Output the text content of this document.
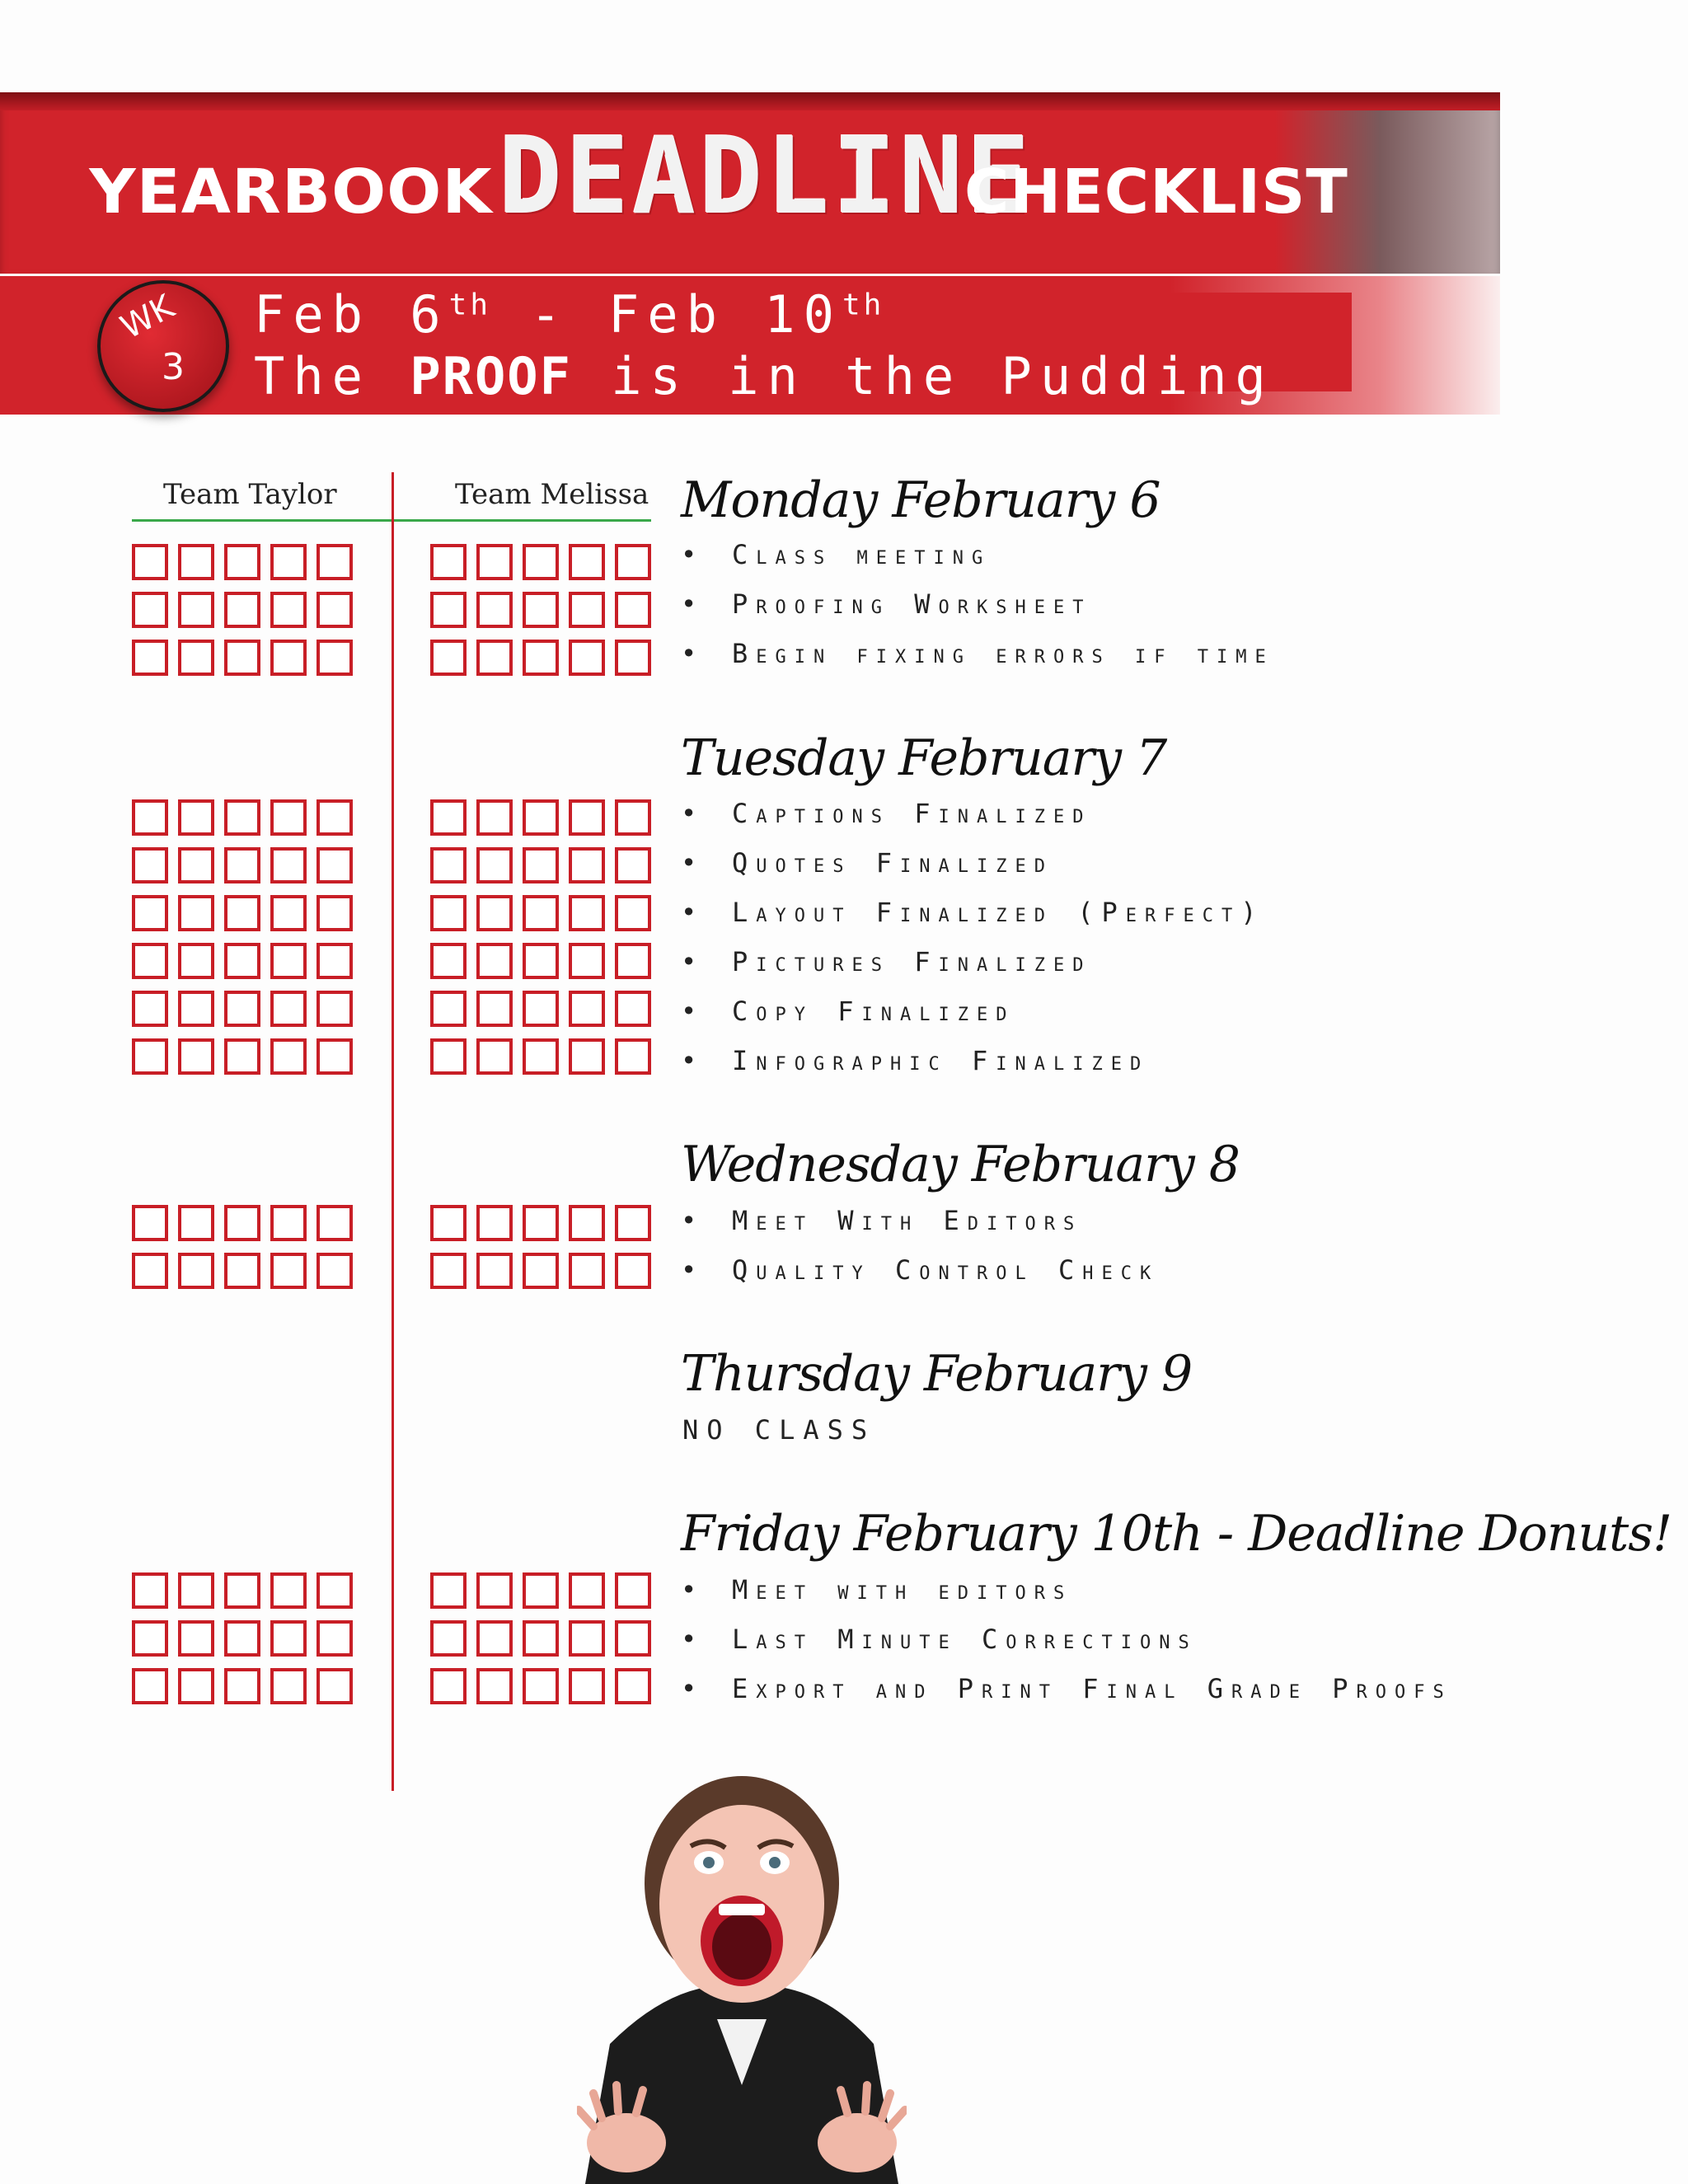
YEARBOOK DEADLINE
CHECKLIST
WK
3
Feb 6th - Feb 10th
The PROOF is in the Pudding
Team Taylor	Team Melissa Monday February 6
• Class meeting
• Proofing Worksheet
• Begin fixing errors if time
Tuesday February 7
• Captions Finalized
• Quotes Finalized
• Layout Finalized (Perfect)
• Pictures Finalized
• Copy Finalized
• Infographic Finalized
Wednesday February 8
• Meet With Editors
• Quality Control Check
Thursday February 9
NO CLASS
Friday February 10th - Deadline Donuts!
• Meet with editors
• Last Minute Corrections
• Export and Print Final Grade Proofs
